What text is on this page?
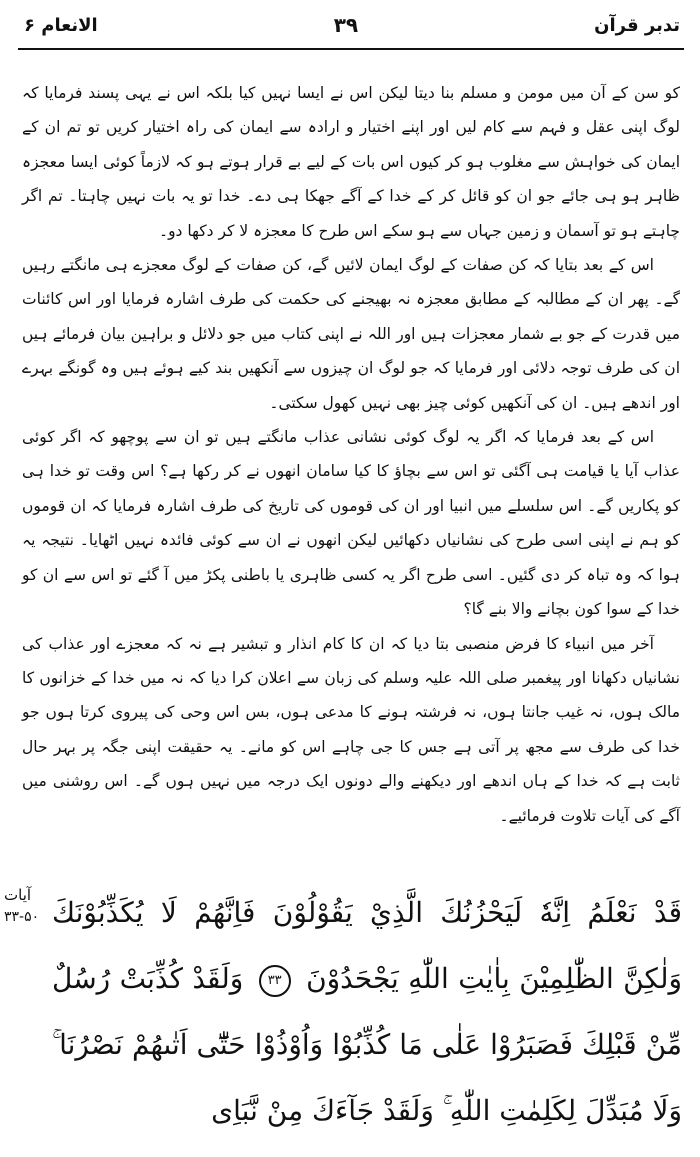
تدبر قرآن
۳۹
الانعام ۶

کو سن کے آن میں مومن و مسلم بنا دیتا لیکن اس نے ایسا نہیں کیا بلکہ اس نے یہی پسند فرمایا کہ لوگ اپنی عقل و فہم سے کام لیں اور اپنے اختیار و ارادہ سے ایمان کی راہ اختیار کریں تو تم ان کے ایمان کی خواہش سے مغلوب ہو کر کیوں اس بات کے لیے بے قرار ہوتے ہو کہ لازماً کوئی ایسا معجزہ ظاہر ہو ہی جائے جو ان کو قائل کر کے خدا کے آگے جھکا ہی دے۔ خدا تو یہ بات نہیں چاہتا۔ تم اگر چاہتے ہو تو آسمان و زمین جہاں سے ہو سکے اس طرح کا معجزہ لا کر دکھا دو۔

اس کے بعد بتایا کہ کن صفات کے لوگ ایمان لائیں گے، کن صفات کے لوگ معجزے ہی مانگتے رہیں گے۔ پھر ان کے مطالبہ کے مطابق معجزہ نہ بھیجنے کی حکمت کی طرف اشارہ فرمایا اور اس کائنات میں قدرت کے جو بے شمار معجزات ہیں اور اللہ نے اپنی کتاب میں جو دلائل و براہین بیان فرمائے ہیں ان کی طرف توجہ دلائی اور فرمایا کہ جو لوگ ان چیزوں سے آنکھیں بند کیے ہوئے ہیں وہ گونگے بہرے اور اندھے ہیں۔ ان کی آنکھیں کوئی چیز بھی نہیں کھول سکتی۔

اس کے بعد فرمایا کہ اگر یہ لوگ کوئی نشانی عذاب مانگتے ہیں تو ان سے پوچھو کہ اگر کوئی عذاب آیا یا قیامت ہی آگئی تو اس سے بچاؤ کا کیا سامان انھوں نے کر رکھا ہے؟ اس وقت تو خدا ہی کو پکاریں گے۔ اس سلسلے میں انبیا اور ان کی قوموں کی تاریخ کی طرف اشارہ فرمایا کہ ان قوموں کو ہم نے اپنی اسی طرح کی نشانیاں دکھائیں لیکن انھوں نے ان سے کوئی فائدہ نہیں اٹھایا۔ نتیجہ یہ ہوا کہ وہ تباہ کر دی گئیں۔ اسی طرح اگر یہ کسی ظاہری یا باطنی پکڑ میں آ گئے تو اس سے ان کو خدا کے سوا کون بچانے والا بنے گا؟

آخر میں انبیاء کا فرض منصبی بتا دیا کہ ان کا کام انذار و تبشیر ہے نہ کہ معجزے اور عذاب کی نشانیاں دکھانا اور پیغمبر صلی اللہ علیہ وسلم کی زبان سے اعلان کرا دیا کہ نہ میں خدا کے خزانوں کا مالک ہوں، نہ غیب جانتا ہوں، نہ فرشتہ ہونے کا مدعی ہوں، بس اس وحی کی پیروی کرتا ہوں جو خدا کی طرف سے مجھ پر آتی ہے جس کا جی چاہے اس کو مانے۔ یہ حقیقت اپنی جگہ پر بہر حال ثابت ہے کہ خدا کے ہاں اندھے اور دیکھنے والے دونوں ایک درجہ میں نہیں ہوں گے۔ اس روشنی میں آگے کی آیات تلاوت فرمائیے۔

آیات
۳۳-۵۰ قَدْ نَعْلَمُ اِنَّهٗ لَيَحْزُنُكَ الَّذِيْ يَقُوْلُوْنَ فَاِنَّهُمْ لَا يُكَذِّبُوْنَكَ وَلٰكِنَّ الظّٰلِمِيْنَ بِاٰيٰتِ اللّٰهِ يَجْحَدُوْنَ ۳۳ وَلَقَدْ كُذِّبَتْ رُسُلٌ مِّنْ قَبْلِكَ فَصَبَرُوْا عَلٰى مَا كُذِّبُوْا وَاُوْذُوْا حَتّٰٓى اَتٰىهُمْ نَصْرُنَا ۚ وَلَا مُبَدِّلَ لِكَلِمٰتِ اللّٰهِ ۚ وَلَقَدْ جَآءَكَ مِنْ نَّبَاِی
